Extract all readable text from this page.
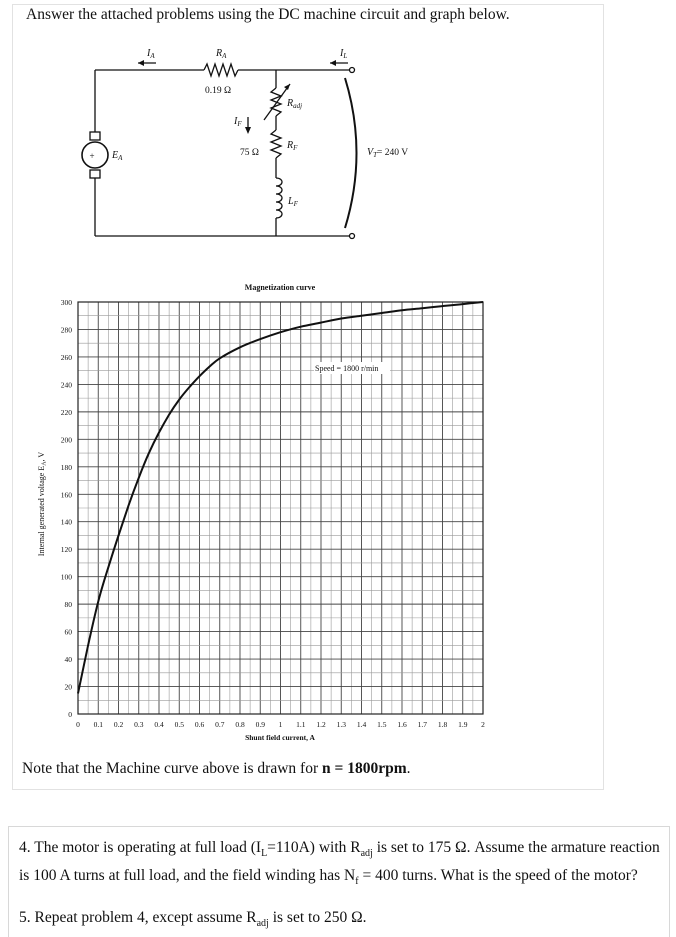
Answer the attached problems using the DC machine circuit and graph below.
+
$I_A$	$R_A$
0.19 Ω
$I_L$
$E_A$
$R_{adj}$
$I_F$
$R_F$
75 Ω
$L_F$
$V_T= 240$ V
Magnetization curve
0
20
40
60
80
100
120
140
160
180
200
220
240
260
280
300
0 0.1 0.2 0.3 0.4 0.5 0.6 0.7 0.8 0.9 1 1.1 1.2 1.3 1.4 1.5 1.6 1.7 1.8 1.9 2
Speed = 1800 r/min
Shunt field current, A
Internal generated voltage EA, V
Note that the Machine curve above is drawn for n = 1800rpm.
4. The motor is operating at full load $(I_L=110A)$ with $R_{adj}$ is set to 175 Ω. Assume the armature reaction is 100 A turns at full load, and the field winding has $N_f = 400$ turns. What is the speed of the motor?
5. Repeat problem 4, except assume $R_{adj}$ is set to 250 Ω.
